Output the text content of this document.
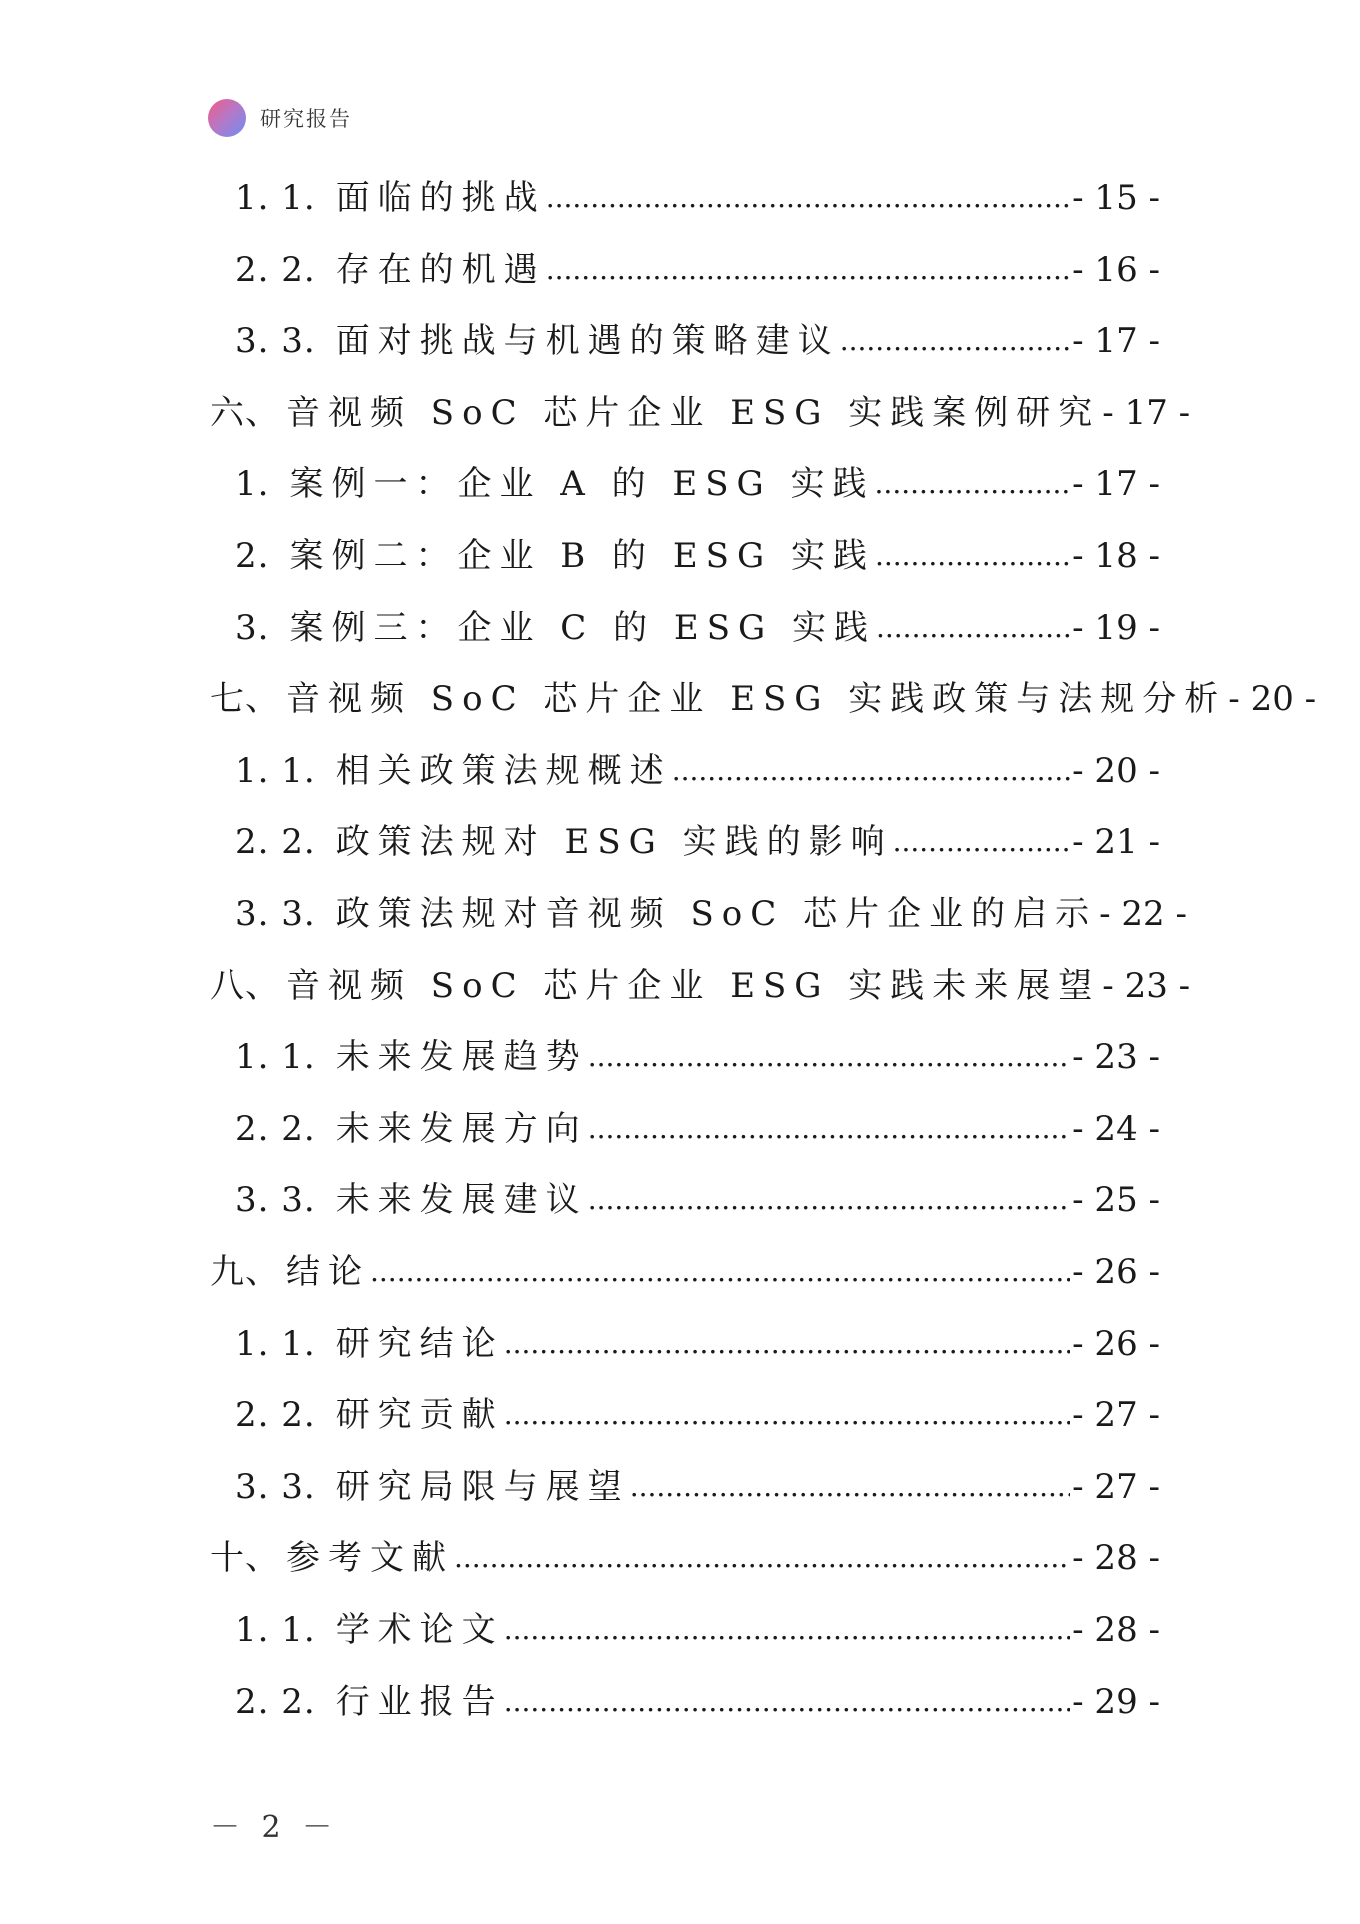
研究报告
1. 1. 面临的挑战 .....	- 15 -
2. 2. 存在的机遇 .....	- 16 -
3. 3. 面对挑战与机遇的策略建议 .....	- 17 -
六、 音视频 SoC 芯片企业 ESG 实践案例研究 - 17 -
1. 案例一：企业 A 的 ESG 实践 .....	- 17 -
2. 案例二：企业 B 的 ESG 实践 .....	- 18 -
3. 案例三：企业 C 的 ESG 实践 .....	- 19 -
七、 音视频 SoC 芯片企业 ESG 实践政策与法规分析 - 20 -
1. 1. 相关政策法规概述 .....	- 20 -
2. 2. 政策法规对 ESG 实践的影响 .....	- 21 -
3. 3. 政策法规对音视频 SoC 芯片企业的启示 - 22 -
八、 音视频 SoC 芯片企业 ESG 实践未来展望 - 23 -
1. 1. 未来发展趋势 .....	- 23 -
2. 2. 未来发展方向 .....	- 24 -
3. 3. 未来发展建议 .....	- 25 -
九、 结论 .....	- 26 -
1. 1. 研究结论 .....	- 26 -
2. 2. 研究贡献 .....	- 27 -
3. 3. 研究局限与展望 .....	- 27 -
十、 参考文献 .....	- 28 -
1. 1. 学术论文 .....	- 28 -
2. 2. 行业报告 .....	- 29 -
－ 2 －
